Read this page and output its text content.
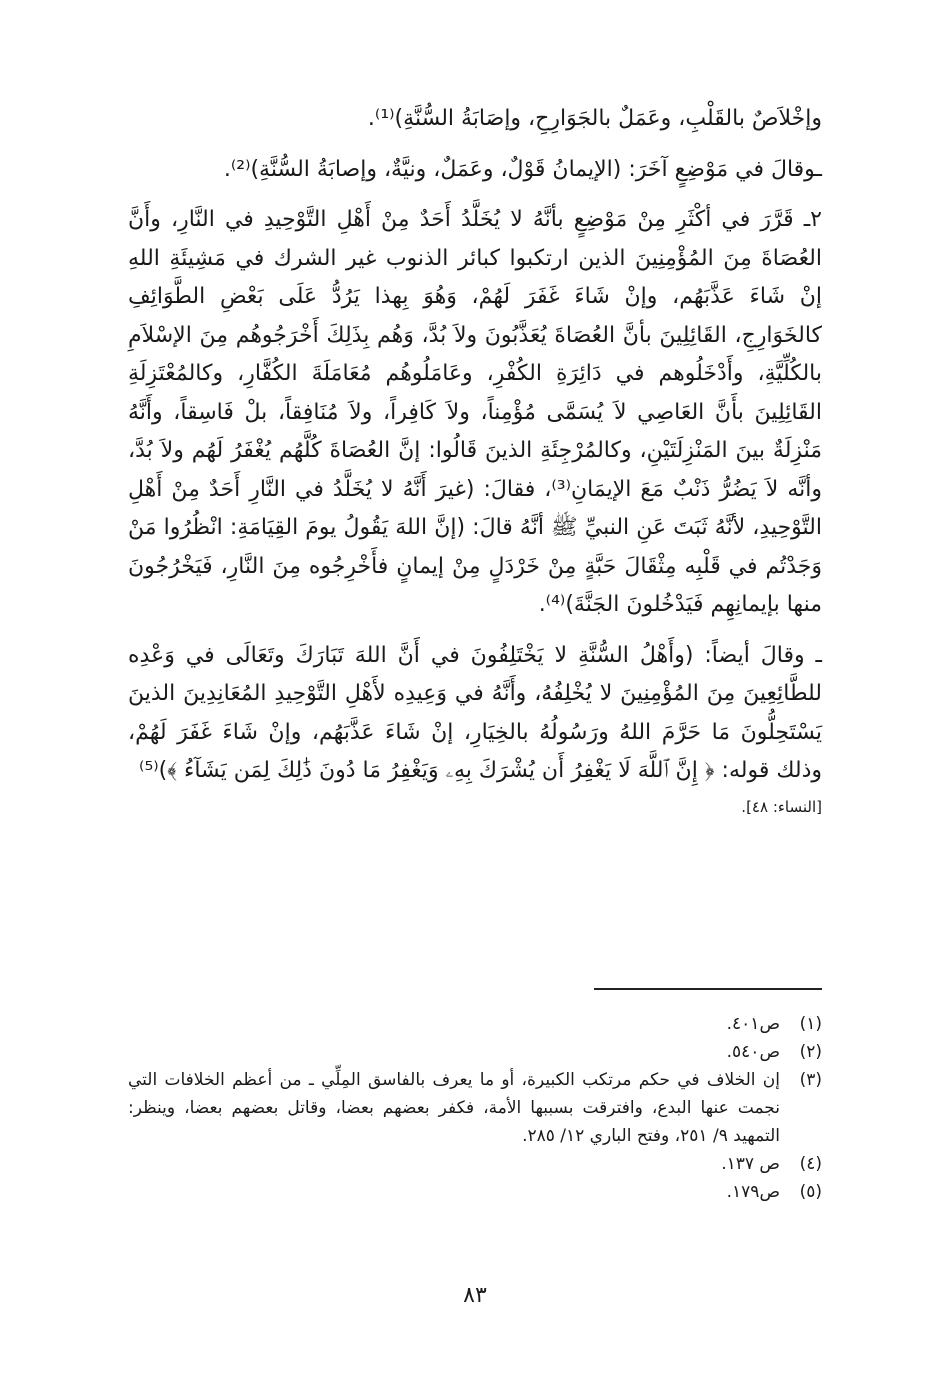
وإخْلاَصٌ بالقَلْبِ، وعَمَلٌ بالجَوَارِحِ، وإصَابَةُ السُّنَّةِ)⁽¹⁾.

ـوقالَ في مَوْضِعٍ آخَرَ: (الإيمانُ قَوْلٌ، وعَمَلٌ، ونيَّةٌ، وإصابَةُ السُّنَّةِ)⁽²⁾.

٢ـ قَرَّرَ في أكْثَرِ مِنْ مَوْضِعٍ بأنَّهُ لا يُخَلَّدُ أَحَدٌ مِنْ أَهْلِ التَّوْحِيدِ في النَّارِ، وأَنَّ العُصَاةَ مِنَ المُؤْمِنِينَ الذين ارتكبوا كبائر الذنوب غير الشرك في مَشِيئَةِ اللهِ إنْ شَاءَ عَذَّبَهُم، وإنْ شَاءَ غَفَرَ لَهُمْ، وَهُوَ بِهذا يَرُدُّ عَلَى بَعْضِ الطَّوَائِفِ كالخَوَارِجِ، القَائِلِينَ بأنَّ العُصَاةَ يُعَذَّبُونَ ولاَ بُدَّ، وَهُم بِذَلِكَ أَخْرَجُوهُم مِنَ الإسْلاَمِ بالكُلِّيَّةِ، وأَدْخَلُوهم في دَائِرَةِ الكُفْرِ، وعَامَلُوهُم مُعَامَلَةَ الكُفَّارِ، وكالمُعْتَزِلَةِ القَائِلِينَ بأَنَّ العَاصِي لاَ يُسَمَّى مُؤْمِناً، ولاَ كَافِراً، ولاَ مُنَافِقاً، بلْ فَاسِقاً، وأَنَّهُ مَنْزِلَةٌ بينَ المَنْزِلَتَيْنِ، وكالمُرْجِئَةِ الذينَ قَالُوا: إنَّ العُصَاةَ كُلَّهُم يُغْفَرُ لَهُم ولاَ بُدَّ، وأنَّه لاَ يَضُرُّ ذَنْبٌ مَعَ الإيمَانِ⁽³⁾، فقالَ: (غيرَ أَنَّهُ لا يُخَلَّدُ في النَّارِ أَحَدٌ مِنْ أَهْلِ التَّوْحِيدِ، لأنَّهُ ثَبَتَ عَنِ النبيِّ ﷺ أنَّهُ قالَ: (إنَّ اللهَ يَقُولُ يومَ القِيَامَةِ: انْظُرُوا مَنْ وَجَدْتُم في قَلْبِه مِثْقَالَ حَبَّةٍ مِنْ خَرْدَلٍ مِنْ إيمانٍ فأَخْرِجُوه مِنَ النَّارِ، فَيَخْرُجُونَ منها بإيمانِهِم فَيَدْخُلونَ الجَنَّةَ)⁽⁴⁾.

ـ وقالَ أيضاً: (وأَهْلُ السُّنَّةِ لا يَخْتَلِفُونَ في أَنَّ اللهَ تَبَارَكَ وتَعَالَى في وَعْدِه للطَّائِعِينَ مِنَ المُؤْمِنِينَ لا يُخْلِفُهُ، وأَنَّهُ في وَعِيدِه لأَهْلِ التَّوْحِيدِ المُعَانِدِينَ الذينَ يَسْتَحِلُّونَ مَا حَرَّمَ اللهُ ورَسُولُهُ بالخِيَارِ، إنْ شَاءَ عَذَّبَهُم، وإنْ شَاءَ غَفَرَ لَهُمْ، وذلك قوله: ﴿ إِنَّ ٱللَّهَ لَا يَغْفِرُ أَن يُشْرَكَ بِهِۦ وَيَغْفِرُ مَا دُونَ ذَٰلِكَ لِمَن يَشَآءُ ﴾)⁽⁵⁾

[النساء: ٤٨].
(١)
ص٤٠١.
(٢)
ص٥٤٠.
(٣)
إن الخلاف في حكم مرتكب الكبيرة، أو ما يعرف بالفاسق المِلِّي ـ من أعظم الخلافات التي نجمت عنها البدع، وافترقت بسببها الأمة، فكفر بعضهم بعضا، وقاتل بعضهم بعضا، وينظر: التمهيد ٩/ ٢٥١، وفتح الباري ١٢/ ٢٨٥.
(٤)
ص ١٣٧.
(٥)
ص١٧٩.
٨٣
